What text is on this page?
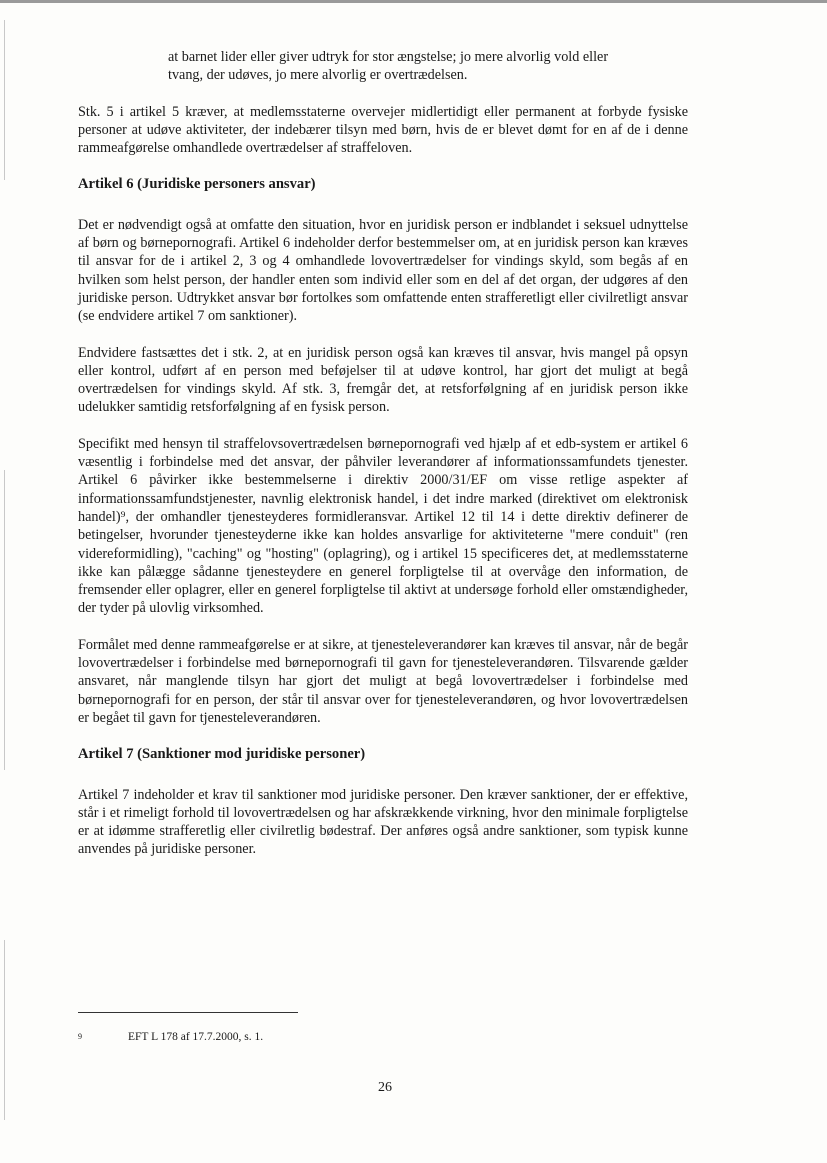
at barnet lider eller giver udtryk for stor ængstelse; jo mere alvorlig vold eller
tvang, der udøves, jo mere alvorlig er overtrædelsen.

Stk. 5 i artikel 5 kræver, at medlemsstaterne overvejer midlertidigt eller permanent at forbyde fysiske personer at udøve aktiviteter, der indebærer tilsyn med børn, hvis de er blevet dømt for en af de i denne rammeafgørelse omhandlede overtrædelser af straffeloven.

Artikel 6 (Juridiske personers ansvar)

Det er nødvendigt også at omfatte den situation, hvor en juridisk person er indblandet i seksuel udnyttelse af børn og børnepornografi. Artikel 6 indeholder derfor bestemmelser om, at en juridisk person kan kræves til ansvar for de i artikel 2, 3 og 4 omhandlede lovovertrædelser for vindings skyld, som begås af en hvilken som helst person, der handler enten som individ eller som en del af det organ, der udgøres af den juridiske person. Udtrykket ansvar bør fortolkes som omfattende enten strafferetligt eller civilretligt ansvar (se endvidere artikel 7 om sanktioner).

Endvidere fastsættes det i stk. 2, at en juridisk person også kan kræves til ansvar, hvis mangel på opsyn eller kontrol, udført af en person med beføjelser til at udøve kontrol, har gjort det muligt at begå overtrædelsen for vindings skyld. Af stk. 3, fremgår det, at retsforfølgning af en juridisk person ikke udelukker samtidig retsforfølgning af en fysisk person.

Specifikt med hensyn til straffelovsovertrædelsen børnepornografi ved hjælp af et edb-system er artikel 6 væsentlig i forbindelse med det ansvar, der påhviler leverandører af informationssamfundets tjenester. Artikel 6 påvirker ikke bestemmelserne i direktiv 2000/31/EF om visse retlige aspekter af informationssamfundstjenester, navnlig elektronisk handel, i det indre marked (direktivet om elektronisk handel)⁹, der omhandler tjenesteyderes formidleransvar. Artikel 12 til 14 i dette direktiv definerer de betingelser, hvorunder tjenesteyderne ikke kan holdes ansvarlige for aktiviteterne "mere conduit" (ren videreformidling), "caching" og "hosting" (oplagring), og i artikel 15 specificeres det, at medlemsstaterne ikke kan pålægge sådanne tjenesteydere en generel forpligtelse til at overvåge den information, de fremsender eller oplagrer, eller en generel forpligtelse til aktivt at undersøge forhold eller omstændigheder, der tyder på ulovlig virksomhed.

Formålet med denne rammeafgørelse er at sikre, at tjenesteleverandører kan kræves til ansvar, når de begår lovovertrædelser i forbindelse med børnepornografi til gavn for tjenesteleverandøren. Tilsvarende gælder ansvaret, når manglende tilsyn har gjort det muligt at begå lovovertrædelser i forbindelse med børnepornografi for en person, der står til ansvar over for tjenesteleverandøren, og hvor lovovertrædelsen er begået til gavn for tjenesteleverandøren.

Artikel 7 (Sanktioner mod juridiske personer)

Artikel 7 indeholder et krav til sanktioner mod juridiske personer. Den kræver sanktioner, der er effektive, står i et rimeligt forhold til lovovertrædelsen og har afskrækkende virkning, hvor den minimale forpligtelse er at idømme strafferetlig eller civilretlig bødestraf. Der anføres også andre sanktioner, som typisk kunne anvendes på juridiske personer.

9	EFT L 178 af 17.7.2000, s. 1.
26
